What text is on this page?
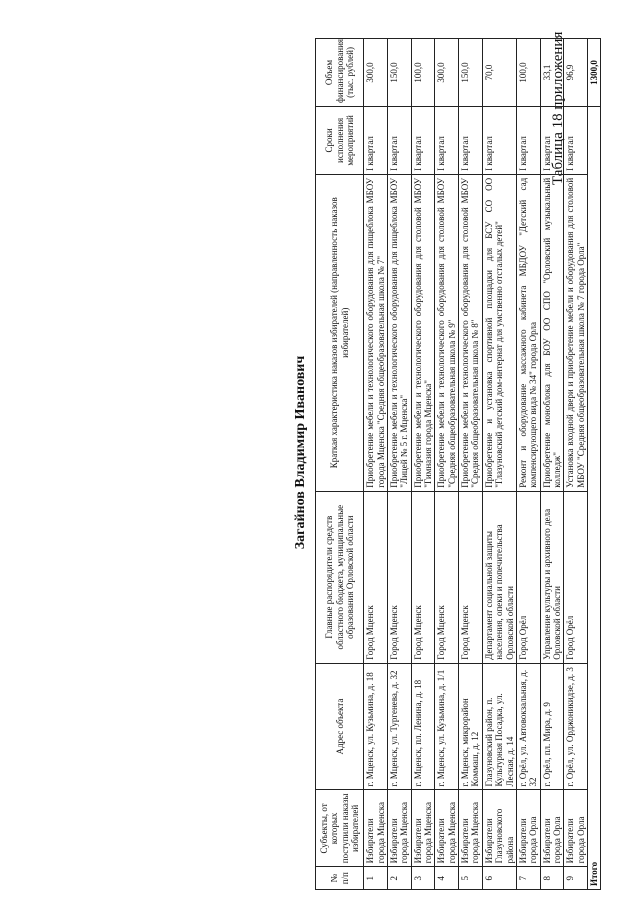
Таблица 18 приложения
Загайнов Владимир Иванович
№ п/п	Субъекты, от которых поступили наказы избирателей	Адрес объекта	Главные распорядители средств областного бюджета, муниципальные образования Орловской области	Краткая характеристика наказов избирателей (направленность наказов избирателей)	Сроки исполнения мероприятий	Объем финансирования (тыс. рублей)
1	Избиратели города Мценска	г. Мценск, ул. Кузьмина, д. 18	Город Мценск	Приобретение мебели и технологического оборудования для пищеблока МБОУ города Мценска "Средняя общеобразовательная школа № 7"	I квартал	300,0
2	Избиратели города Мценска	г. Мценск, ул. Тургенева, д. 32	Город Мценск	Приобретение мебели и технологического оборудования для пищеблока МБОУ "Лицей № 5 г. Мценска"	I квартал	150,0
3	Избиратели города Мценска	г. Мценск, пл. Ленина, д. 18	Город Мценск	Приобретение мебели и технологического оборудования для столовой МБОУ "Гимназия города Мценска"	I квартал	100,0
4	Избиратели города Мценска	г. Мценск, ул. Кузьмина, д. 1/1	Город Мценск	Приобретение мебели и технологического оборудования для столовой МБОУ "Средняя общеобразовательная школа № 9"	I квартал	300,0
5	Избиратели города Мценска	г. Мценск, микрорайон Коммаш, д. 12	Город Мценск	Приобретение мебели и технологического оборудования для столовой МБОУ "Средняя общеобразовательная школа № 8"	I квартал	150,0
6	Избиратели Глазуновского района	Глазуновский район, п. Культурная Посадка, ул. Лесная, д. 14	Департамент социальной защиты населения, опеки и попечительства Орловской области	Приобретение и установка спортивной площадки для БСУ СО ОО "Глазуновский детский дом-интернат для умственно отсталых детей"	I квартал	70,0
7	Избиратели города Орла	г. Орёл, ул. Автовокзальная, д. 32	Город Орёл	Ремонт и оборудование массажного кабинета МБДОУ "Детский сад компенсирующего вида № 34" города Орла	I квартал	100,0
8	Избиратели города Орла	г. Орёл, пл. Мира, д. 9	Управление культуры и архивного дела Орловской области	Приобретение моноблока для БОУ ОО СПО "Орловский музыкальный колледж"	I квартал	33,1
9	Избиратели города Орла	г. Орёл, ул. Орджоникидзе, д. 3	Город Орёл	Установка входной двери и приобретение мебели и оборудования для столовой МБОУ "Средняя общеобразовательная школа № 7 города Орла"	I квартал	96,9
Итого						1300,0
